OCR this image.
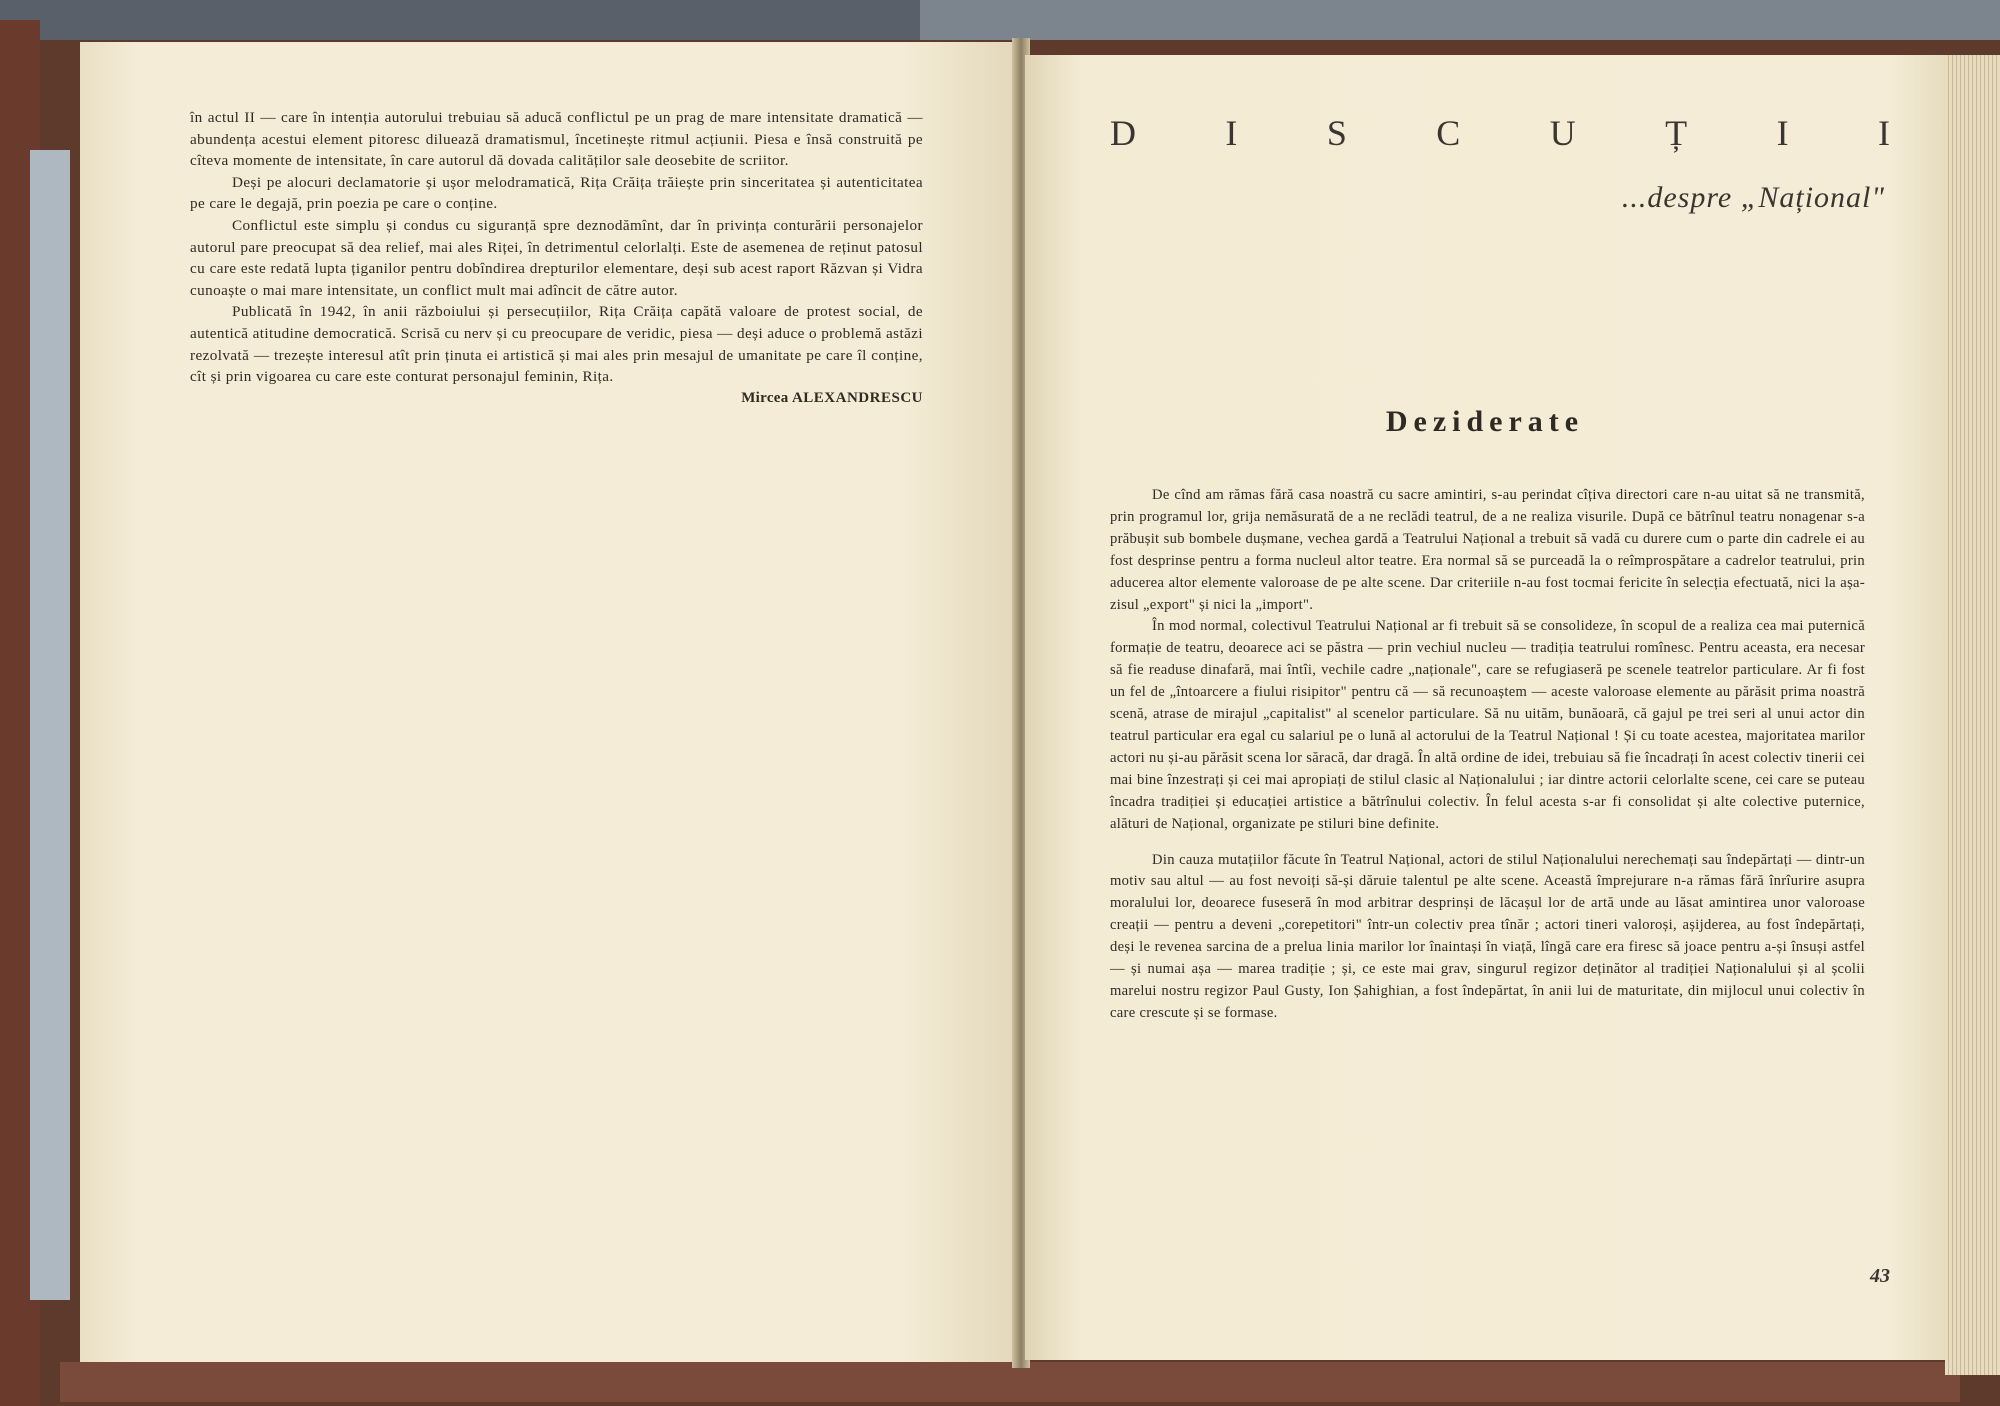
în actul II — care în intenția autorului trebuiau să aducă conflictul pe un prag de mare intensitate dramatică — abundența acestui element pitoresc diluează dramatismul, încetinește ritmul acțiunii. Piesa e însă construită pe cîteva momente de intensitate, în care autorul dă dovada calităților sale deosebite de scriitor.

Deși pe alocuri declamatorie și ușor melodramatică, Rița Crăița trăiește prin sinceritatea și autenticitatea pe care le degajă, prin poezia pe care o conține.

Conflictul este simplu și condus cu siguranță spre deznodămînt, dar în privința conturării personajelor autorul pare preocupat să dea relief, mai ales Riței, în detrimentul celorlalți. Este de asemenea de reținut patosul cu care este redată lupta țiganilor pentru dobîndirea drepturilor elementare, deși sub acest raport Răzvan și Vidra cunoaște o mai mare intensitate, un conflict mult mai adîncit de către autor.

Publicată în 1942, în anii războiului și persecuțiilor, Rița Crăița capătă valoare de protest social, de autentică atitudine democratică. Scrisă cu nerv și cu preocupare de veridic, piesa — deși aduce o problemă astăzi rezolvată — trezește interesul atît prin ținuta ei artistică și mai ales prin mesajul de umanitate pe care îl conține, cît și prin vigoarea cu care este conturat personajul feminin, Rița.

Mircea ALEXANDRESCU
D I S C U Ț I I
...despre „Național"
Deziderate

De cînd am rămas fără casa noastră cu sacre amintiri, s-au perindat cîțiva directori care n-au uitat să ne transmită, prin programul lor, grija nemăsurată de a ne reclădi teatrul, de a ne realiza visurile. După ce bătrînul teatru nonagenar s-a prăbușit sub bombele dușmane, vechea gardă a Teatrului Național a trebuit să vadă cu durere cum o parte din cadrele ei au fost desprinse pentru a forma nucleul altor teatre. Era normal să se purceadă la o reîmprospătare a cadrelor teatrului, prin aducerea altor elemente valoroase de pe alte scene. Dar criteriile n-au fost tocmai fericite în selecția efectuată, nici la așa-zisul „export" și nici la „import".

În mod normal, colectivul Teatrului Național ar fi trebuit să se consolideze, în scopul de a realiza cea mai puternică formație de teatru, deoarece aci se păstra — prin vechiul nucleu — tradiția teatrului romînesc. Pentru aceasta, era necesar să fie readuse dinafară, mai întîi, vechile cadre „naționale", care se refugiaseră pe scenele teatrelor particulare. Ar fi fost un fel de „întoarcere a fiului risipitor" pentru că — să recunoaștem — aceste valoroase elemente au părăsit prima noastră scenă, atrase de mirajul „capitalist" al scenelor particulare. Să nu uităm, bunăoară, că gajul pe trei seri al unui actor din teatrul particular era egal cu salariul pe o lună al actorului de la Teatrul Național ! Și cu toate acestea, majoritatea marilor actori nu și-au părăsit scena lor săracă, dar dragă. În altă ordine de idei, trebuiau să fie încadrați în acest colectiv tinerii cei mai bine înzestrați și cei mai apropiați de stilul clasic al Naționalului ; iar dintre actorii celorlalte scene, cei care se puteau încadra tradiției și educației artistice a bătrînului colectiv. În felul acesta s-ar fi consolidat și alte colective puternice, alături de Național, organizate pe stiluri bine definite.

Din cauza mutațiilor făcute în Teatrul Național, actori de stilul Naționalului nerechemați sau îndepărtați — dintr-un motiv sau altul — au fost nevoiți să-și dăruie talentul pe alte scene. Această împrejurare n-a rămas fără înrîurire asupra moralului lor, deoarece fuseseră în mod arbitrar desprinși de lăcașul lor de artă unde au lăsat amintirea unor valoroase creații — pentru a deveni „corepetitori" într-un colectiv prea tînăr ; actori tineri valoroși, așijderea, au fost îndepărtați, deși le revenea sarcina de a prelua linia marilor lor înaintași în viață, lîngă care era firesc să joace pentru a-și însuși astfel — și numai așa — marea tradiție ; și, ce este mai grav, singurul regizor deținător al tradiției Naționalului și al școlii marelui nostru regizor Paul Gusty, Ion Șahighian, a fost îndepărtat, în anii lui de maturitate, din mijlocul unui colectiv în care crescute și se formase.

43
